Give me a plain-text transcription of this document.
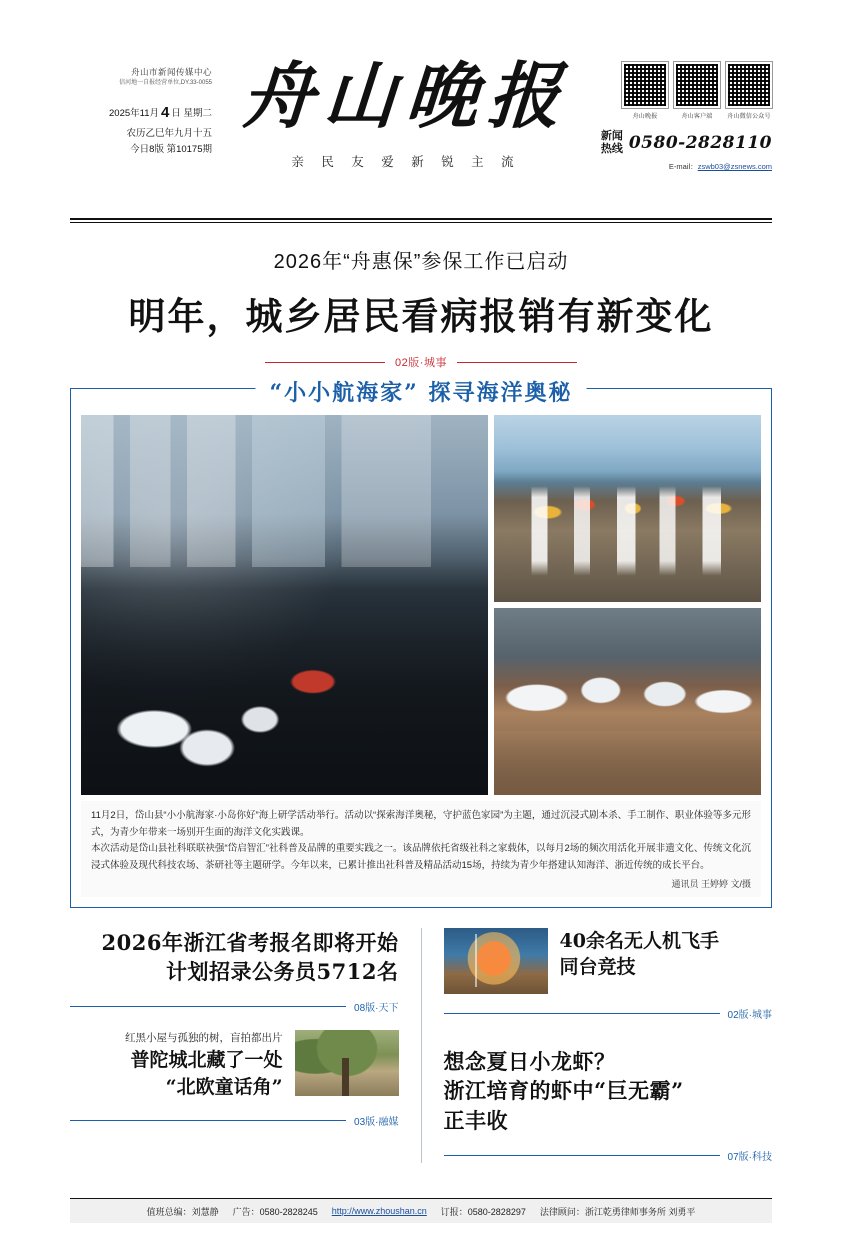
舟山市新闻传媒中心
信河地一自报经营单位,DY.33-0055
2025年11月 4 日 星期二
农历乙巳年九月十五
今日8版 第10175期
舟山晚报
亲 民 友 爱 新 锐 主 流
舟山晚报	舟山客户端	舟山微信公众号
新闻
热线 0580-2828110
E-mail：zswb03@zsnews.com
2026年“舟惠保”参保工作已启动
明年，城乡居民看病报销有新变化
02版·城事
“小小航海家” 探寻海洋奥秘
11月2日，岱山县“小小航海家·小岛你好”海上研学活动举行。活动以“探索海洋奥秘，守护蓝色家园”为主题，通过沉浸式剧本杀、手工制作、职业体验等多元形式，为青少年带来一场别开生面的海洋文化实践课。
本次活动是岱山县社科联联袂强“岱启智汇”社科普及品牌的重要实践之一。该品牌依托省级社科之家载体，以每月2场的频次用活化开展非遗文化、传统文化沉浸式体验及现代科技农场、茶研社等主题研学。今年以来，已累计推出社科普及精品活动15场，持续为青少年搭建认知海洋、浙近传统的成长平台。
通讯员 王婷婷 文/摄
2026年浙江省考报名即将开始
计划招录公务员5712名
08版·天下
红黑小屋与孤独的树，盲拍都出片
普陀城北藏了一处
“北欧童话角”
03版·融媒
40余名无人机飞手
同台竞技
02版·城事
想念夏日小龙虾？
浙江培育的虾中“巨无霸”
正丰收
07版·科技
值班总编：刘慧静 广告：0580-2828245 http://www.zhoushan.cn 订报：0580-2828297 法律顾问：浙江乾勇律师事务所 刘勇平
